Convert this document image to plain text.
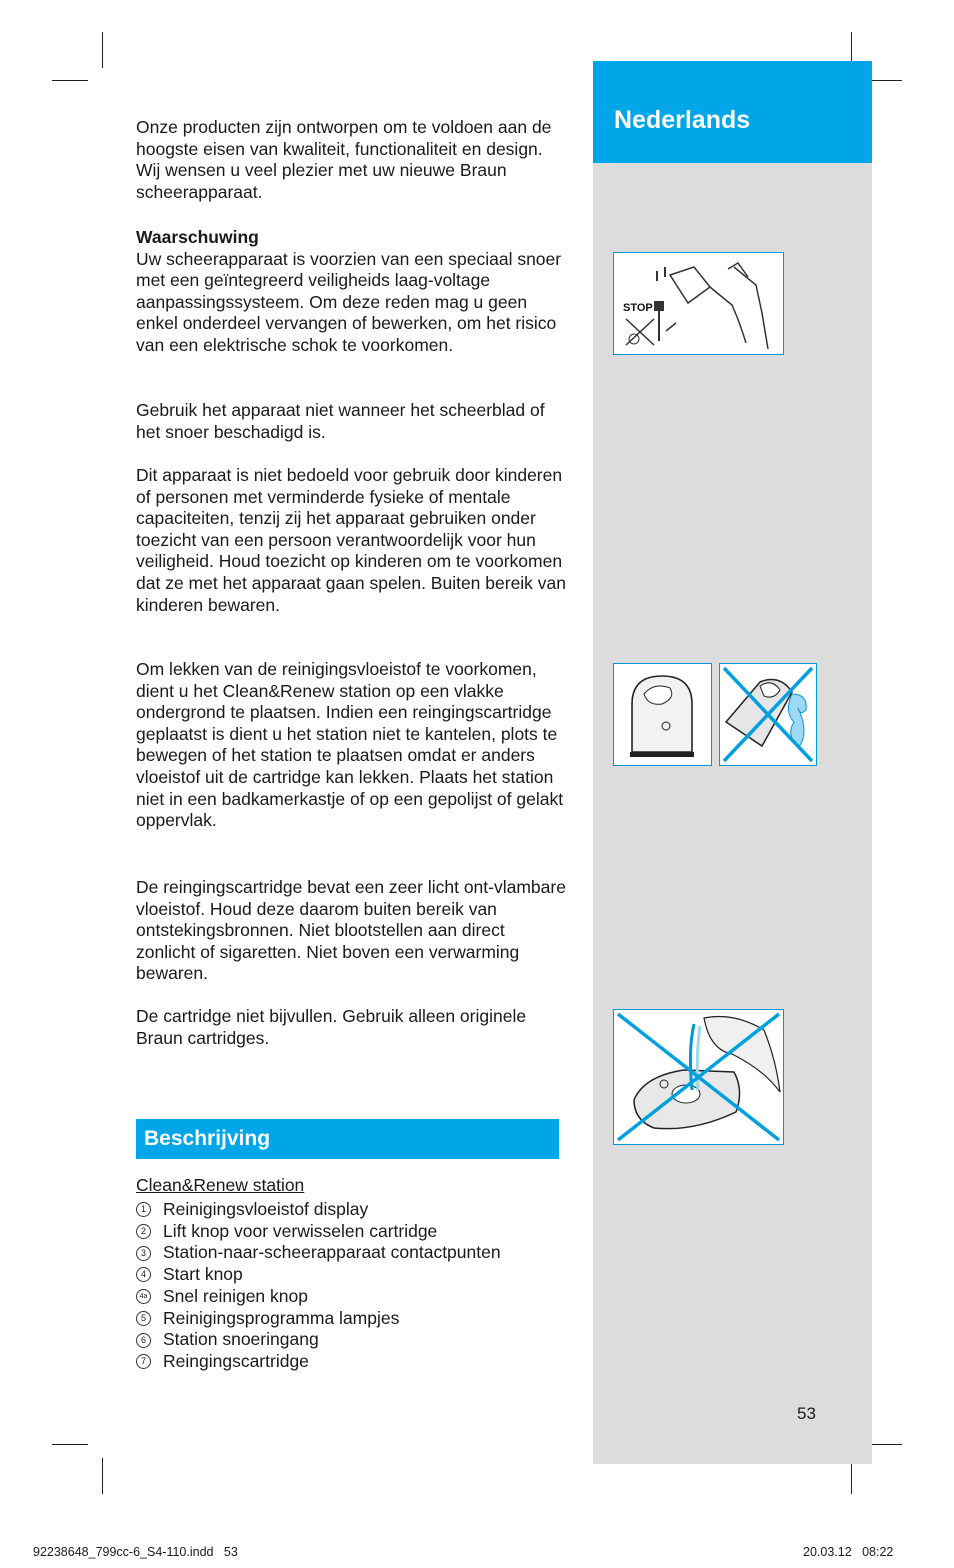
Nederlands

Onze producten zijn ontworpen om te voldoen aan de hoogste eisen van kwaliteit, functionaliteit en design. Wij wensen u veel plezier met uw nieuwe Braun scheerapparaat.

Waarschuwing

Uw scheerapparaat is voorzien van een speciaal snoer met een geïntegreerd veiligheids laag-voltage aanpassingssysteem. Om deze reden mag u geen enkel onderdeel vervangen of bewerken, om het risico van een elektrische schok te voorkomen.

Gebruik het apparaat niet wanneer het scheerblad of het snoer beschadigd is.

Dit apparaat is niet bedoeld voor gebruik door kinderen of personen met verminderde fysieke of mentale capaciteiten, tenzij zij het apparaat gebruiken onder toezicht van een persoon verantwoordelijk voor hun veiligheid. Houd toezicht op kinderen om te voorkomen dat ze met het apparaat gaan spelen. Buiten bereik van kinderen bewaren.

Om lekken van de reinigingsvloeistof te voorkomen, dient u het Clean&Renew station op een vlakke ondergrond te plaatsen. Indien een reingingscartridge geplaatst is dient u het station niet te kantelen, plots te bewegen of het station te plaatsen omdat er anders vloeistof uit de cartridge kan lekken. Plaats het station niet in een badkamerkastje of op een gepolijst of gelakt oppervlak.

De reingingscartridge bevat een zeer licht ont-vlambare vloeistof. Houd deze daarom buiten bereik van ontstekingsbronnen. Niet blootstellen aan direct zonlicht of sigaretten. Niet boven een verwarming bewaren.

De cartridge niet bijvullen. Gebruik alleen originele Braun cartridges.

Beschrijving
Clean&Renew station
1 Reinigingsvloeistof display
2 Lift knop voor verwisselen cartridge
3 Station-naar-scheerapparaat contactpunten
4 Start knop
4a Snel reinigen knop
5 Reinigingsprogramma lampjes
6 Station snoeringang
7 Reingingscartridge
STOP
53
92238648_799cc-6_S4-110.indd   53	20.03.12   08:22
